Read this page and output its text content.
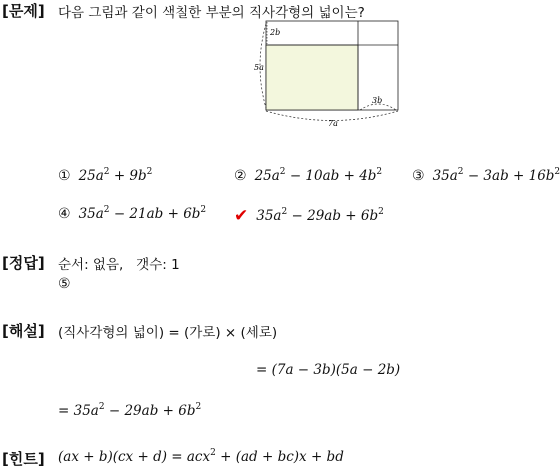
[문제] 다음 그림과 같이 색칠한 부분의 직사각형의 넓이는?
2b
5a
3b
7a
① $25a^2 + 9b^2$	② $25a^2 - 10ab + 4b^2$ ③ $35a^2 - 3ab + 16b^2$
④ $35a^2 - 21ab + 6b^2$ ✔ $35a^2 - 29ab + 6b^2$
[정답] 순서: 없음,   갯수: 1
⑤
[해설] (직사각형의 넓이) = (가로) × (세로)
= (7a − 3b)(5a − 2b)
= $35a^2 - 29ab + 6b^2$
[힌트] (ax + b)(cx + d) = acx$^2$ + (ad + bc)x + bd
